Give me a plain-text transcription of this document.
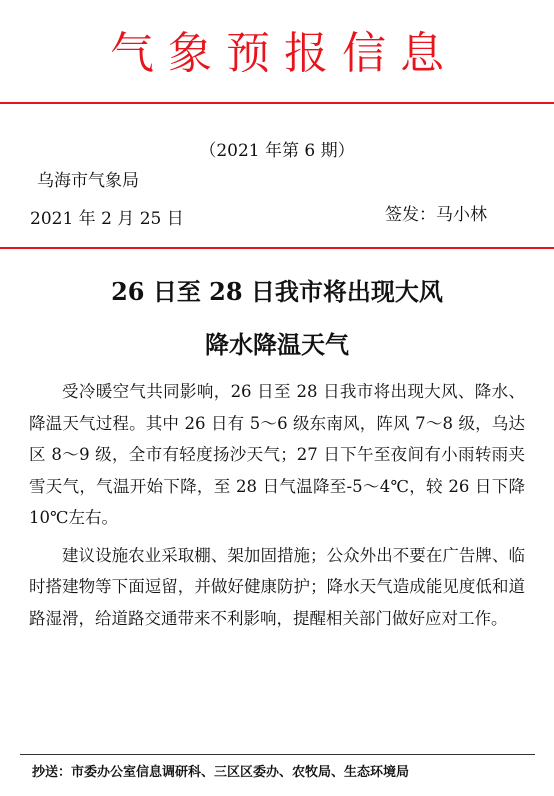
气象预报信息
（2021 年第 6 期）
乌海市气象局
2021 年 2 月 25 日	签发：马小林
26 日至 28 日我市将出现大风
降水降温天气

受冷暖空气共同影响，26 日至 28 日我市将出现大风、降水、降温天气过程。其中 26 日有 5～6 级东南风，阵风 7～8 级，乌达区 8～9 级，全市有轻度扬沙天气；27 日下午至夜间有小雨转雨夹雪天气，气温开始下降，至 28 日气温降至-5～4℃，较 26 日下降 10℃左右。

建议设施农业采取棚、架加固措施；公众外出不要在广告牌、临时搭建物等下面逗留，并做好健康防护；降水天气造成能见度低和道路湿滑，给道路交通带来不利影响，提醒相关部门做好应对工作。

抄送：市委办公室信息调研科、三区区委办、农牧局、生态环境局
